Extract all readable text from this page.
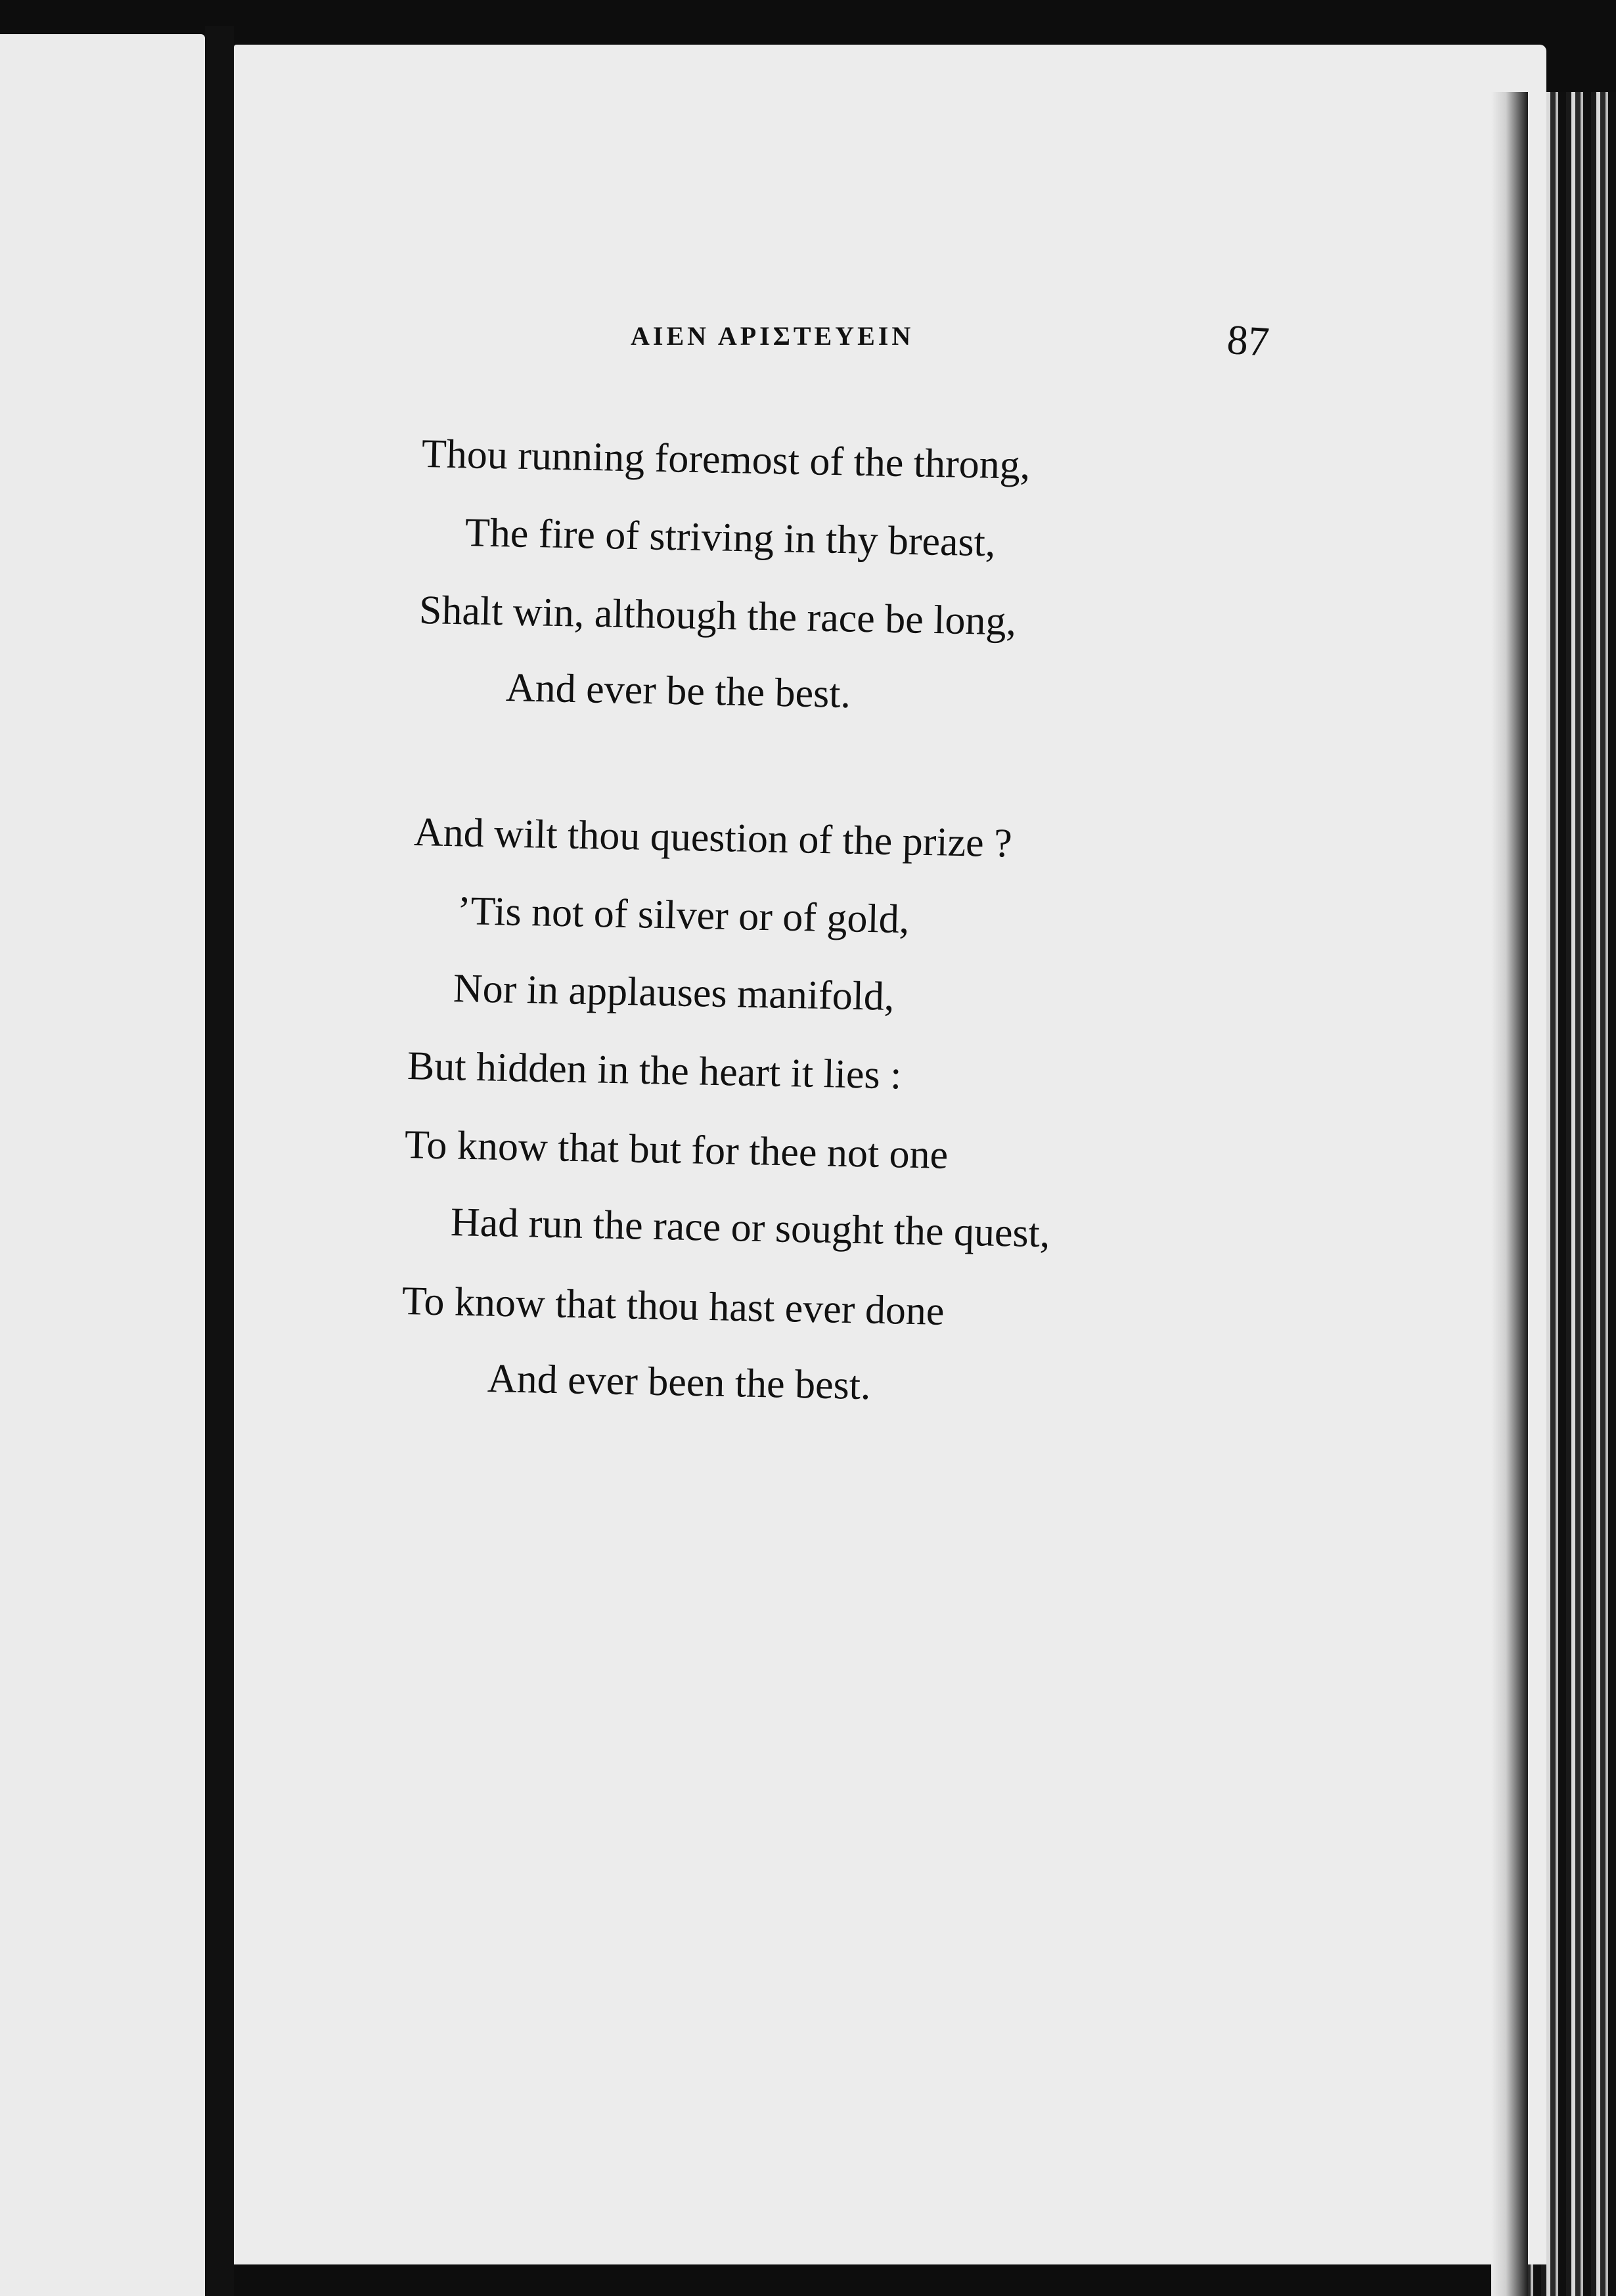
ΑΙΕΝ ΑΡΙΣΤΕΥΕΙΝ	87
Thou running foremost of the throng,
The fire of striving in thy breast,
Shalt win, although the race be long,
And ever be the best.
And wilt thou question of the prize ?
’Tis not of silver or of gold,
Nor in applauses manifold,
But hidden in the heart it lies :
To know that but for thee not one
Had run the race or sought the quest,
To know that thou hast ever done
And ever been the best.
